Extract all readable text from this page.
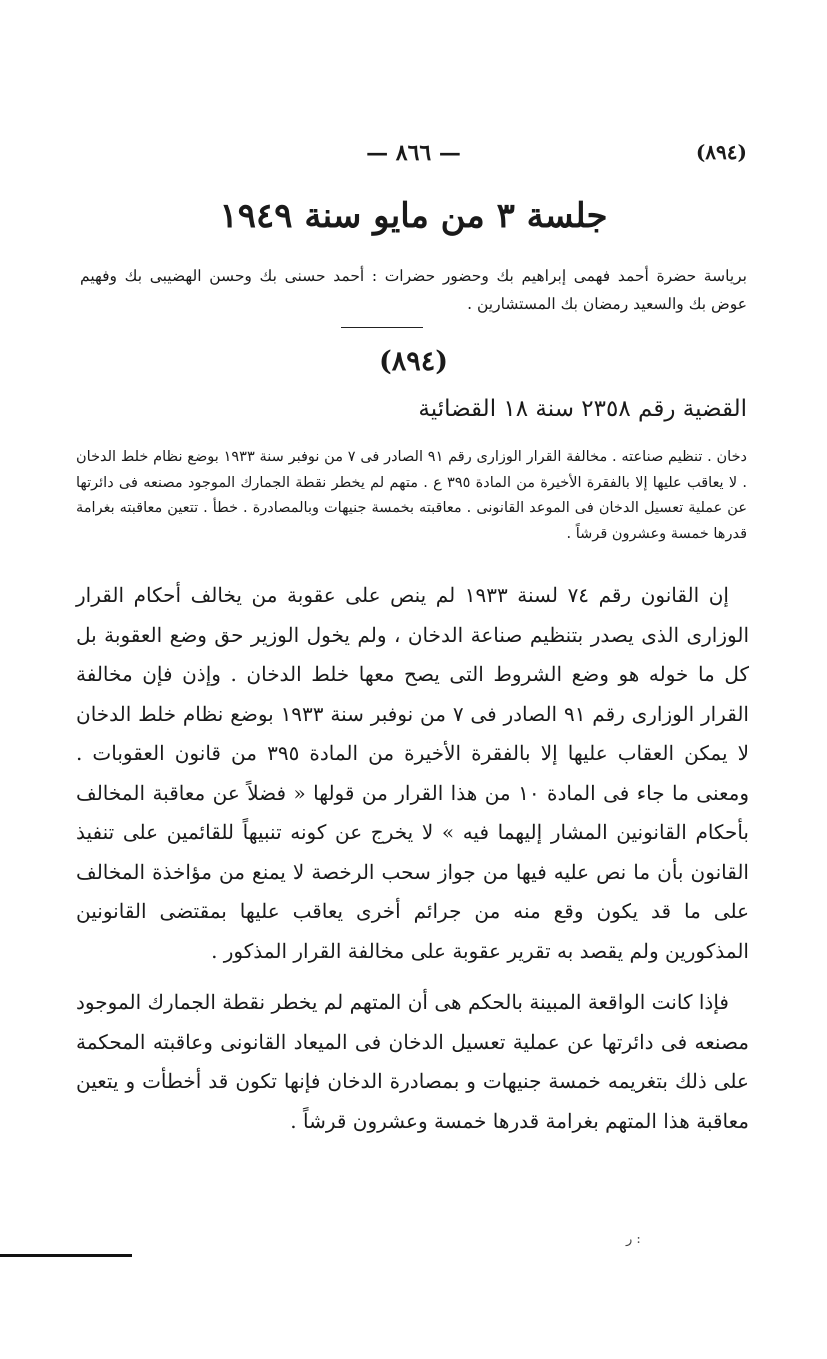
(٨٩٤)
— ٨٦٦ —
جلسة ٣ من مايو سنة ١٩٤٩
برياسة حضرة أحمد فهمى إبراهيم بك وحضور حضرات : أحمد حسنى بك وحسن الهضيبى بك وفهيم عوض بك والسعيد رمضان بك المستشارين .
(٨٩٤)
القضية رقم ٢٣٥٨ سنة ١٨ القضائية
دخان . تنظيم صناعته . مخالفة القرار الوزارى رقم ٩١ الصادر فى ٧ من نوفبر سنة ١٩٣٣ بوضع نظام خلط الدخان . لا يعاقب عليها إلا بالفقرة الأخيرة من المادة ٣٩٥ ع . متهم لم يخطر نقطة الجمارك الموجود مصنعه فى دائرتها عن عملية تعسيل الدخان فى الموعد القانونى . معاقبته بخمسة جنيهات وبالمصادرة . خطأ . تتعين معاقبته بغرامة قدرها خمسة وعشرون قرشاً .

إن القانون رقم ٧٤ لسنة ١٩٣٣ لم ينص على عقوبة من يخالف أحكام القرار الوزارى الذى يصدر بتنظيم صناعة الدخان ، ولم يخول الوزير حق وضع العقوبة بل كل ما خوله هو وضع الشروط التى يصح معها خلط الدخان . وإذن فإن مخالفة القرار الوزارى رقم ٩١ الصادر فى ٧ من نوفبر سنة ١٩٣٣ بوضع نظام خلط الدخان لا يمكن العقاب عليها إلا بالفقرة الأخيرة من المادة ٣٩٥ من قانون العقوبات . ومعنى ما جاء فى المادة ١٠ من هذا القرار من قولها « فضلاً عن معاقبة المخالف بأحكام القانونين المشار إليهما فيه » لا يخرج عن كونه تنبيهاً للقائمين على تنفيذ القانون بأن ما نص عليه فيها من جواز سحب الرخصة لا يمنع من مؤاخذة المخالف على ما قد يكون وقع منه من جرائم أخرى يعاقب عليها بمقتضى القانونين المذكورين ولم يقصد به تقرير عقوبة على مخالفة القرار المذكور .

فإذا كانت الواقعة المبينة بالحكم هى أن المتهم لم يخطر نقطة الجمارك الموجود مصنعه فى دائرتها عن عملية تعسيل الدخان فى الميعاد القانونى وعاقبته المحكمة على ذلك بتغريمه خمسة جنيهات و بمصادرة الدخان فإنها تكون قد أخطأت و يتعين معاقبة هذا المتهم بغرامة قدرها خمسة وعشرون قرشاً .

ر :
